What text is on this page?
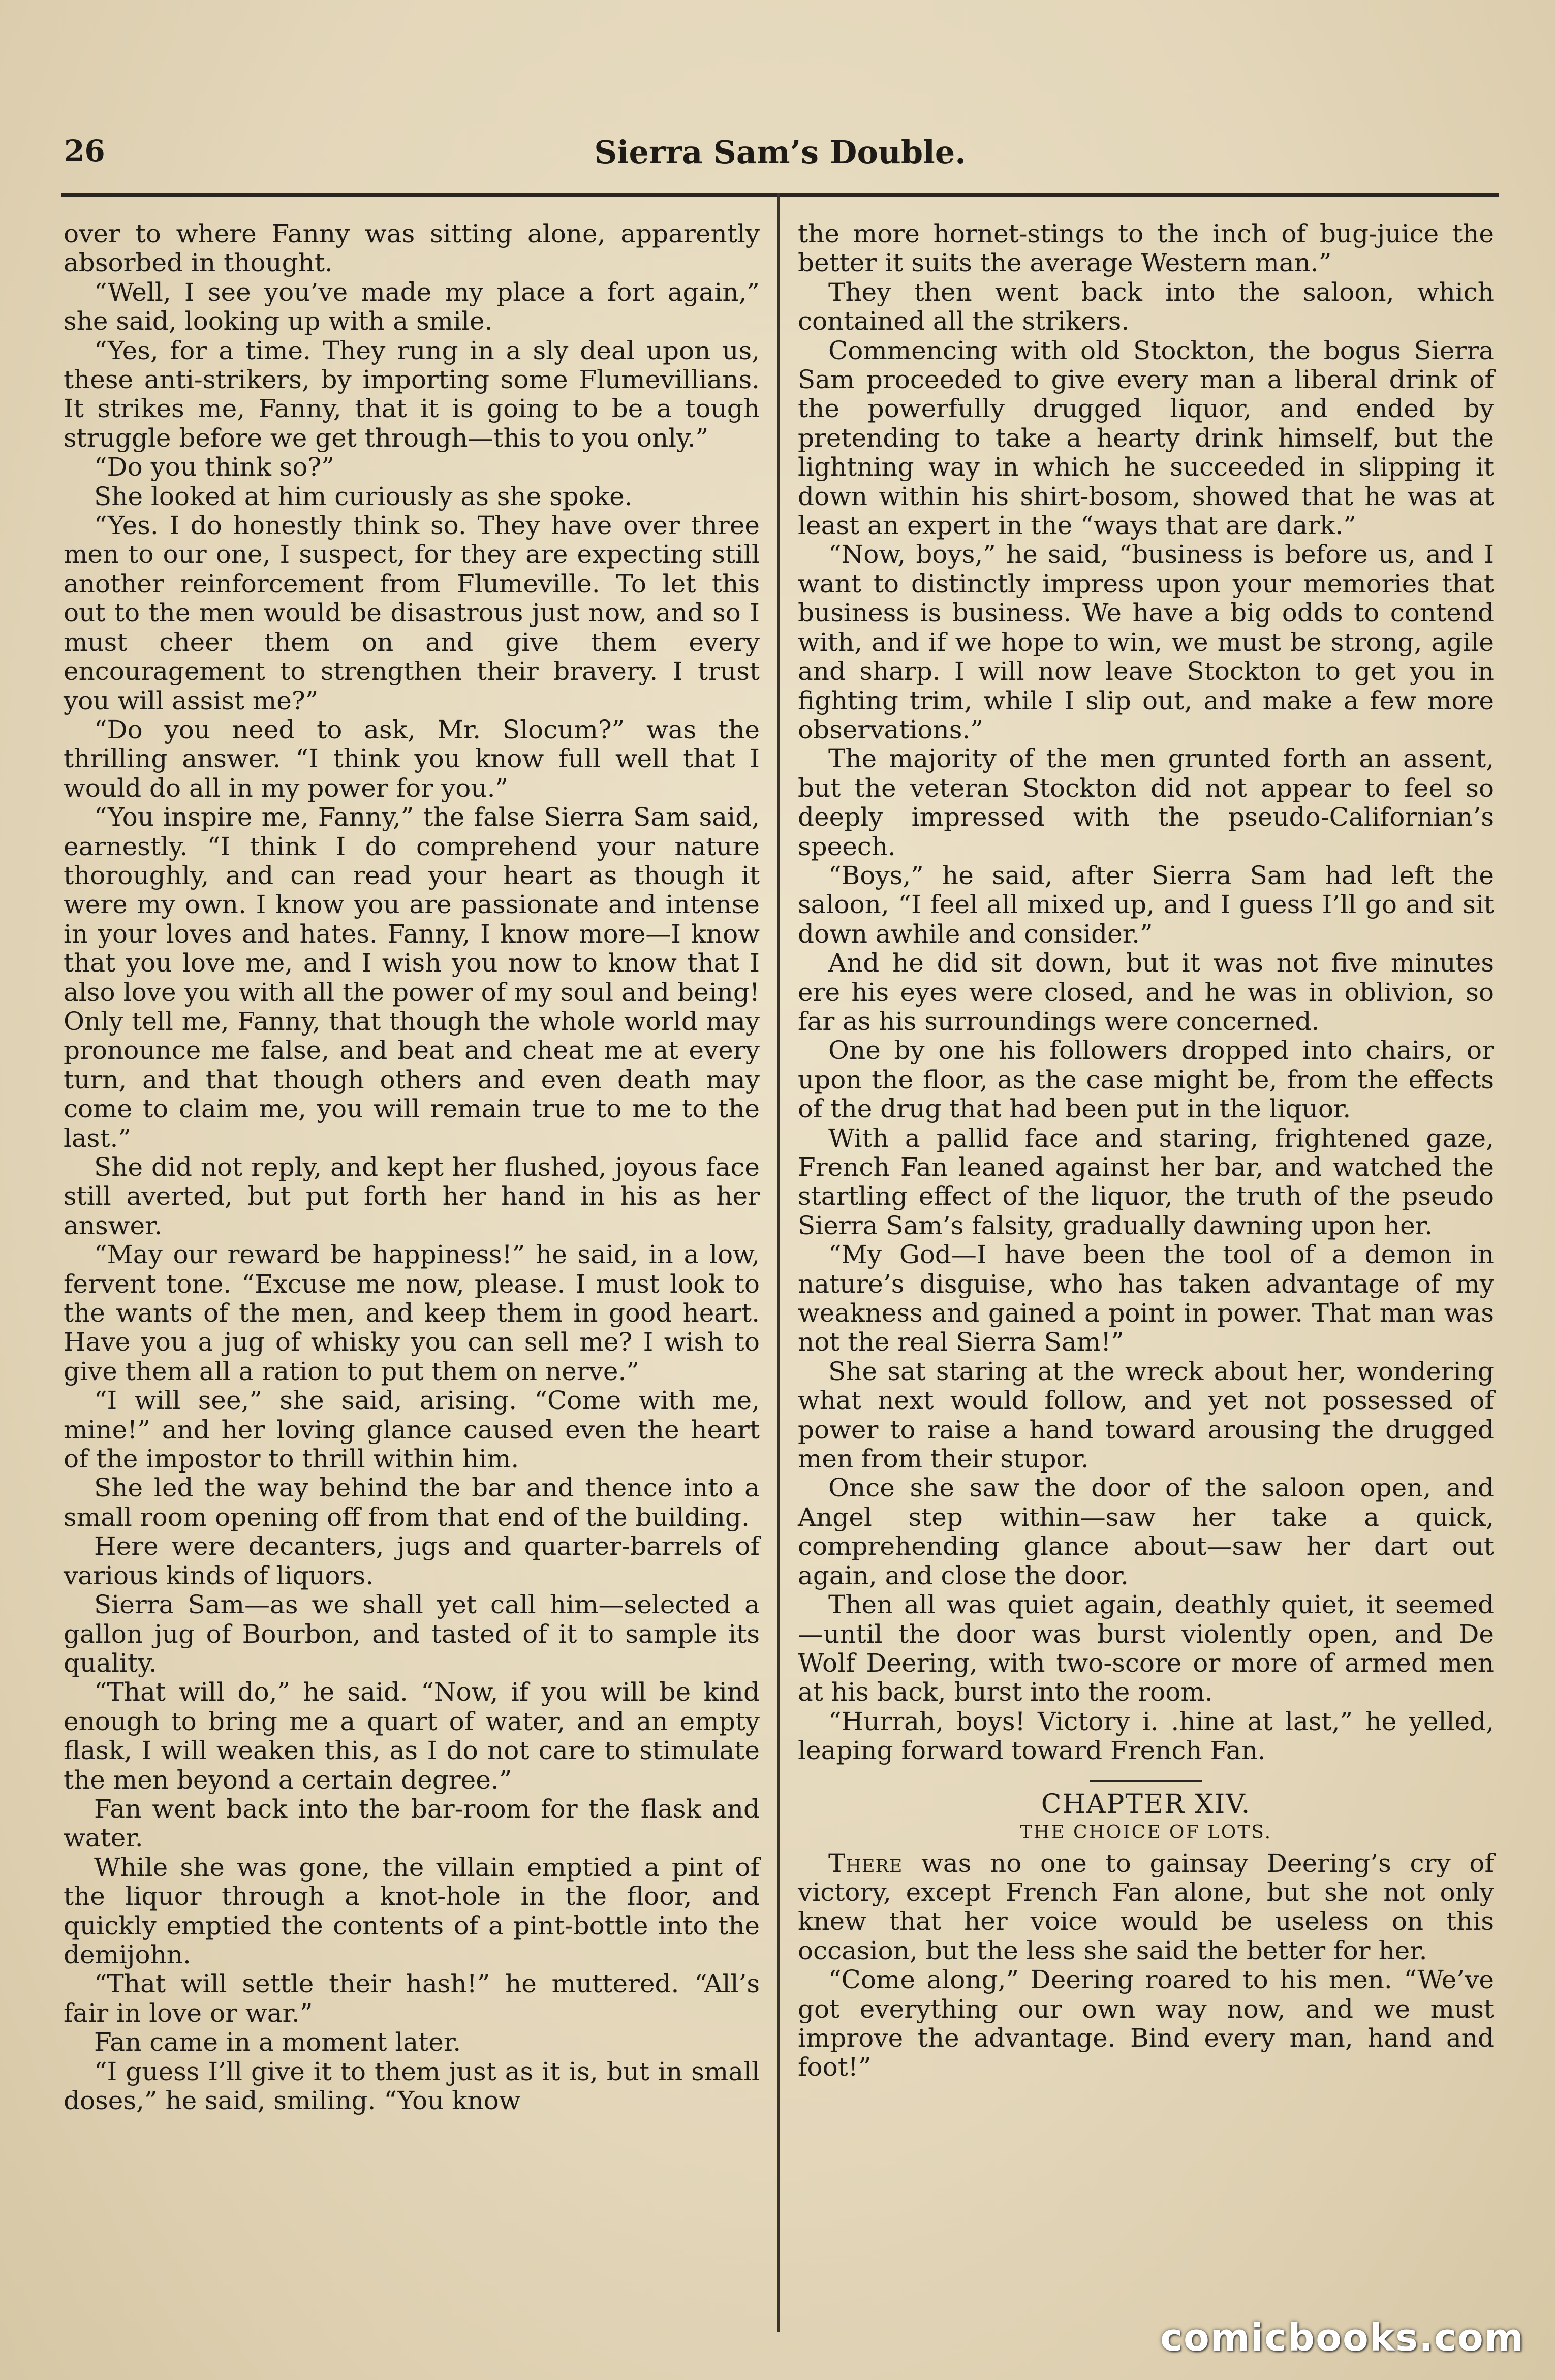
26	Sierra Sam’s Double.

over to where Fanny was sitting alone, apparently absorbed in thought.

“Well, I see you’ve made my place a fort again,” she said, looking up with a smile.

“Yes, for a time. They rung in a sly deal upon us, these anti-strikers, by importing some Flumevillians. It strikes me, Fanny, that it is going to be a tough struggle before we get through—this to you only.”

“Do you think so?”

She looked at him curiously as she spoke.

“Yes. I do honestly think so. They have over three men to our one, I suspect, for they are expecting still another reinforcement from Flumeville. To let this out to the men would be disastrous just now, and so I must cheer them on and give them every encouragement to strengthen their bravery. I trust you will assist me?”

“Do you need to ask, Mr. Slocum?” was the thrilling answer. “I think you know full well that I would do all in my power for you.”

“You inspire me, Fanny,” the false Sierra Sam said, earnestly. “I think I do comprehend your nature thoroughly, and can read your heart as though it were my own. I know you are passionate and intense in your loves and hates. Fanny, I know more—I know that you love me, and I wish you now to know that I also love you with all the power of my soul and being! Only tell me, Fanny, that though the whole world may pronounce me false, and beat and cheat me at every turn, and that though others and even death may come to claim me, you will remain true to me to the last.”

She did not reply, and kept her flushed, joyous face still averted, but put forth her hand in his as her answer.

“May our reward be happiness!” he said, in a low, fervent tone. “Excuse me now, please. I must look to the wants of the men, and keep them in good heart. Have you a jug of whisky you can sell me? I wish to give them all a ration to put them on nerve.”

“I will see,” she said, arising. “Come with me, mine!” and her loving glance caused even the heart of the impostor to thrill within him.

She led the way behind the bar and thence into a small room opening off from that end of the building.

Here were decanters, jugs and quarter-barrels of various kinds of liquors.

Sierra Sam—as we shall yet call him—selected a gallon jug of Bourbon, and tasted of it to sample its quality.

“That will do,” he said. “Now, if you will be kind enough to bring me a quart of water, and an empty flask, I will weaken this, as I do not care to stimulate the men beyond a certain degree.”

Fan went back into the bar-room for the flask and water.

While she was gone, the villain emptied a pint of the liquor through a knot-hole in the floor, and quickly emptied the contents of a pint-bottle into the demijohn.

“That will settle their hash!” he muttered. “All’s fair in love or war.”

Fan came in a moment later.

“I guess I’ll give it to them just as it is, but in small doses,” he said, smiling. “You know

the more hornet-stings to the inch of bug-juice the better it suits the average Western man.”

They then went back into the saloon, which contained all the strikers.

Commencing with old Stockton, the bogus Sierra Sam proceeded to give every man a liberal drink of the powerfully drugged liquor, and ended by pretending to take a hearty drink himself, but the lightning way in which he succeeded in slipping it down within his shirt-bosom, showed that he was at least an expert in the “ways that are dark.”

“Now, boys,” he said, “business is before us, and I want to distinctly impress upon your memories that business is business. We have a big odds to contend with, and if we hope to win, we must be strong, agile and sharp. I will now leave Stockton to get you in fighting trim, while I slip out, and make a few more observations.”

The majority of the men grunted forth an assent, but the veteran Stockton did not appear to feel so deeply impressed with the pseudo-Californian’s speech.

“Boys,” he said, after Sierra Sam had left the saloon, “I feel all mixed up, and I guess I’ll go and sit down awhile and consider.”

And he did sit down, but it was not five minutes ere his eyes were closed, and he was in oblivion, so far as his surroundings were concerned.

One by one his followers dropped into chairs, or upon the floor, as the case might be, from the effects of the drug that had been put in the liquor.

With a pallid face and staring, frightened gaze, French Fan leaned against her bar, and watched the startling effect of the liquor, the truth of the pseudo Sierra Sam’s falsity, gradually dawning upon her.

“My God—I have been the tool of a demon in nature’s disguise, who has taken advantage of my weakness and gained a point in power. That man was not the real Sierra Sam!”

She sat staring at the wreck about her, wondering what next would follow, and yet not possessed of power to raise a hand toward arousing the drugged men from their stupor.

Once she saw the door of the saloon open, and Angel step within—saw her take a quick, comprehending glance about—saw her dart out again, and close the door.

Then all was quiet again, deathly quiet, it seemed—until the door was burst violently open, and De Wolf Deering, with two-score or more of armed men at his back, burst into the room.

“Hurrah, boys! Victory i. .hine at last,” he yelled, leaping forward toward French Fan.

CHAPTER XIV.
THE CHOICE OF LOTS.

There was no one to gainsay Deering’s cry of victory, except French Fan alone, but she not only knew that her voice would be useless on this occasion, but the less she said the better for her.

“Come along,” Deering roared to his men. “We’ve got everything our own way now, and we must improve the advantage. Bind every man, hand and foot!”

comicbooks.com
